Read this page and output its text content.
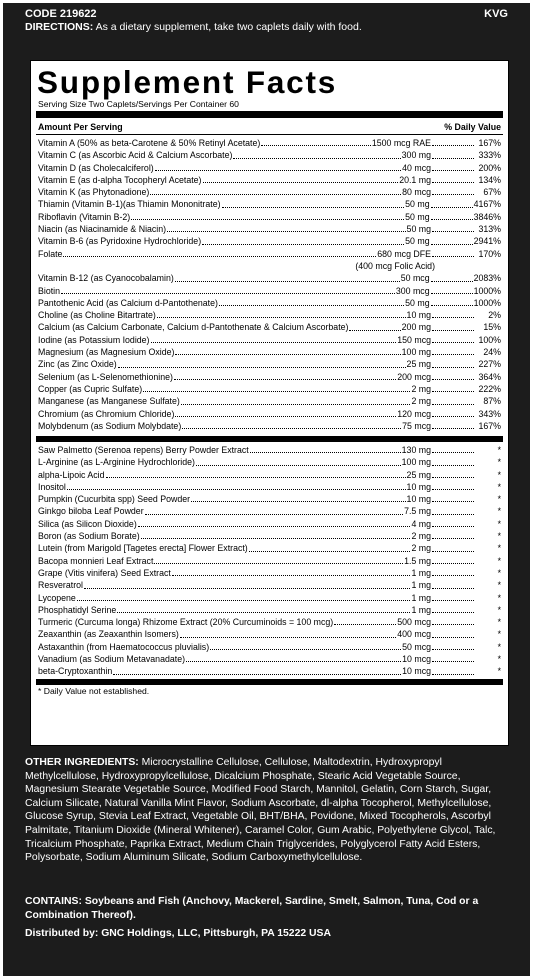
CODE 219622	KVG
DIRECTIONS: As a dietary supplement, take two caplets daily with food.
Supplement Facts
Serving Size Two Caplets/Servings Per Container 60
Amount Per Serving	% Daily Value
Vitamin A (50% as beta-Carotene & 50% Retinyl Acetate)	1500 mcg RAE	167%
Vitamin C (as Ascorbic Acid & Calcium Ascorbate)	300 mg	333%
Vitamin D (as Cholecalciferol)	40 mcg	200%
Vitamin E (as d-alpha Tocopheryl Acetate)	20.1 mg	134%
Vitamin K (as Phytonadione)	80 mcg	67%
Thiamin (Vitamin B-1)(as Thiamin Mononitrate)	50 mg	4167%
Riboflavin (Vitamin B-2)	50 mg	3846%
Niacin (as Niacinamide & Niacin)	50 mg	313%
Vitamin B-6 (as Pyridoxine Hydrochloride)	50 mg	2941%
Folate	680 mcg DFE	170%
(400 mcg Folic Acid)
Vitamin B-12 (as Cyanocobalamin)	50 mcg	2083%
Biotin	300 mcg	1000%
Pantothenic Acid (as Calcium d-Pantothenate)	50 mg	1000%
Choline (as Choline Bitartrate)	10 mg	2%
Calcium (as Calcium Carbonate, Calcium d-Pantothenate & Calcium Ascorbate)	200 mg	15%
Iodine (as Potassium Iodide)	150 mcg	100%
Magnesium (as Magnesium Oxide)	100 mg	24%
Zinc (as Zinc Oxide)	25 mg	227%
Selenium (as L-Selenomethionine)	200 mcg	364%
Copper (as Cupric Sulfate)	2 mg	222%
Manganese (as Manganese Sulfate)	2 mg	87%
Chromium (as Chromium Chloride)	120 mcg	343%
Molybdenum (as Sodium Molybdate)	75 mcg	167%
Saw Palmetto (Serenoa repens) Berry Powder Extract	130 mg	*
L-Arginine (as L-Arginine Hydrochloride)	100 mg	*
alpha-Lipoic Acid	25 mg	*
Inositol	10 mg	*
Pumpkin (Cucurbita spp) Seed Powder	10 mg	*
Ginkgo biloba Leaf Powder	7.5 mg	*
Silica (as Silicon Dioxide)	4 mg	*
Boron (as Sodium Borate)	2 mg	*
Lutein (from Marigold [Tagetes erecta] Flower Extract)	2 mg	*
Bacopa monnieri Leaf Extract	1.5 mg	*
Grape (Vitis vinifera) Seed Extract	1 mg	*
Resveratrol	1 mg	*
Lycopene	1 mg	*
Phosphatidyl Serine	1 mg	*
Turmeric (Curcuma longa) Rhizome Extract (20% Curcuminoids = 100 mcg)	500 mcg	*
Zeaxanthin (as Zeaxanthin Isomers)	400 mcg	*
Astaxanthin (from Haematococcus pluvialis)	50 mcg	*
Vanadium (as Sodium Metavanadate)	10 mcg	*
beta-Cryptoxanthin	10 mcg	*
* Daily Value not established.

OTHER INGREDIENTS: Microcrystalline Cellulose, Cellulose, Maltodextrin, Hydroxypropyl Methylcellulose, Hydroxypropylcellulose, Dicalcium Phosphate, Stearic Acid Vegetable Source, Magnesium Stearate Vegetable Source, Modified Food Starch, Mannitol, Gelatin, Corn Starch, Sugar, Calcium Silicate, Natural Vanilla Mint Flavor, Sodium Ascorbate, dl-alpha Tocopherol, Methylcellulose, Glucose Syrup, Stevia Leaf Extract, Vegetable Oil, BHT/BHA, Povidone, Mixed Tocopherols, Ascorbyl Palmitate, Titanium Dioxide (Mineral Whitener), Caramel Color, Gum Arabic, Polyethylene Glycol, Talc, Tricalcium Phosphate, Paprika Extract, Medium Chain Triglycerides, Polyglycerol Fatty Acid Esters, Polysorbate, Sodium Aluminum Silicate, Sodium Carboxymethylcellulose.

CONTAINS: Soybeans and Fish (Anchovy, Mackerel, Sardine, Smelt, Salmon, Tuna, Cod or a Combination Thereof).
Distributed by: GNC Holdings, LLC, Pittsburgh, PA 15222 USA
